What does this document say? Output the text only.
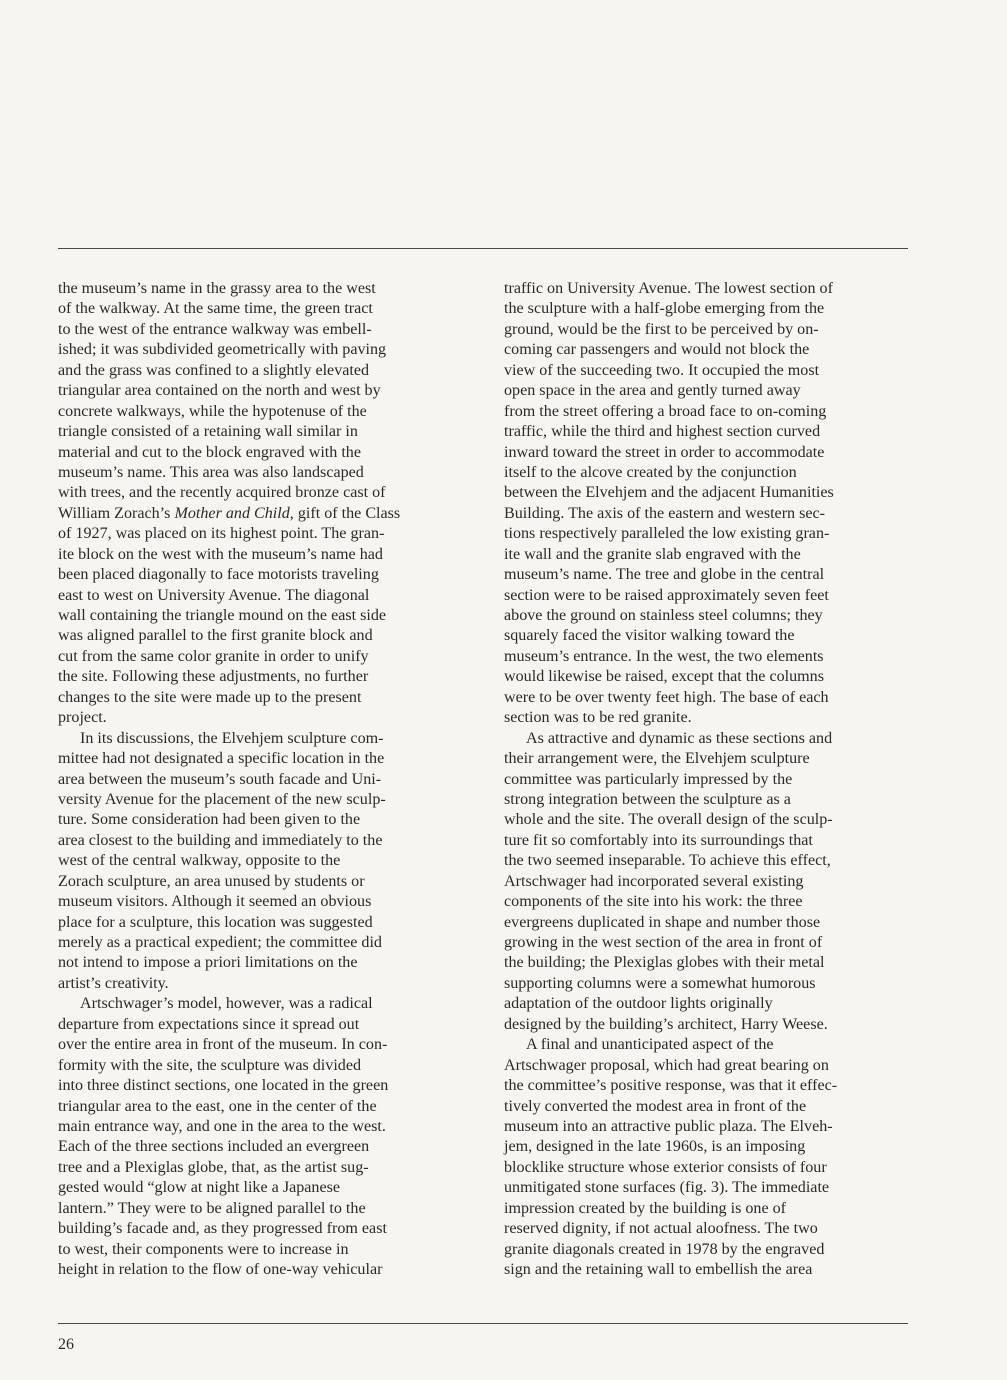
the museum’s name in the grassy area to the west
of the walkway. At the same time, the green tract
to the west of the entrance walkway was embell-
ished; it was subdivided geometrically with paving
and the grass was confined to a slightly elevated
triangular area contained on the north and west by
concrete walkways, while the hypotenuse of the
triangle consisted of a retaining wall similar in
material and cut to the block engraved with the
museum’s name. This area was also landscaped
with trees, and the recently acquired bronze cast of
William Zorach’s Mother and Child, gift of the Class
of 1927, was placed on its highest point. The gran-
ite block on the west with the museum’s name had
been placed diagonally to face motorists traveling
east to west on University Avenue. The diagonal
wall containing the triangle mound on the east side
was aligned parallel to the first granite block and
cut from the same color granite in order to unify
the site. Following these adjustments, no further
changes to the site were made up to the present
project.
In its discussions, the Elvehjem sculpture com-
mittee had not designated a specific location in the
area between the museum’s south facade and Uni-
versity Avenue for the placement of the new sculp-
ture. Some consideration had been given to the
area closest to the building and immediately to the
west of the central walkway, opposite to the
Zorach sculpture, an area unused by students or
museum visitors. Although it seemed an obvious
place for a sculpture, this location was suggested
merely as a practical expedient; the committee did
not intend to impose a priori limitations on the
artist’s creativity.
Artschwager’s model, however, was a radical
departure from expectations since it spread out
over the entire area in front of the museum. In con-
formity with the site, the sculpture was divided
into three distinct sections, one located in the green
triangular area to the east, one in the center of the
main entrance way, and one in the area to the west.
Each of the three sections included an evergreen
tree and a Plexiglas globe, that, as the artist sug-
gested would “glow at night like a Japanese
lantern.” They were to be aligned parallel to the
building’s facade and, as they progressed from east
to west, their components were to increase in
height in relation to the flow of one-way vehicular
traffic on University Avenue. The lowest section of
the sculpture with a half-globe emerging from the
ground, would be the first to be perceived by on-
coming car passengers and would not block the
view of the succeeding two. It occupied the most
open space in the area and gently turned away
from the street offering a broad face to on-coming
traffic, while the third and highest section curved
inward toward the street in order to accommodate
itself to the alcove created by the conjunction
between the Elvehjem and the adjacent Humanities
Building. The axis of the eastern and western sec-
tions respectively paralleled the low existing gran-
ite wall and the granite slab engraved with the
museum’s name. The tree and globe in the central
section were to be raised approximately seven feet
above the ground on stainless steel columns; they
squarely faced the visitor walking toward the
museum’s entrance. In the west, the two elements
would likewise be raised, except that the columns
were to be over twenty feet high. The base of each
section was to be red granite.
As attractive and dynamic as these sections and
their arrangement were, the Elvehjem sculpture
committee was particularly impressed by the
strong integration between the sculpture as a
whole and the site. The overall design of the sculp-
ture fit so comfortably into its surroundings that
the two seemed inseparable. To achieve this effect,
Artschwager had incorporated several existing
components of the site into his work: the three
evergreens duplicated in shape and number those
growing in the west section of the area in front of
the building; the Plexiglas globes with their metal
supporting columns were a somewhat humorous
adaptation of the outdoor lights originally
designed by the building’s architect, Harry Weese.
A final and unanticipated aspect of the
Artschwager proposal, which had great bearing on
the committee’s positive response, was that it effec-
tively converted the modest area in front of the
museum into an attractive public plaza. The Elveh-
jem, designed in the late 1960s, is an imposing
blocklike structure whose exterior consists of four
unmitigated stone surfaces (fig. 3). The immediate
impression created by the building is one of
reserved dignity, if not actual aloofness. The two
granite diagonals created in 1978 by the engraved
sign and the retaining wall to embellish the area
26
